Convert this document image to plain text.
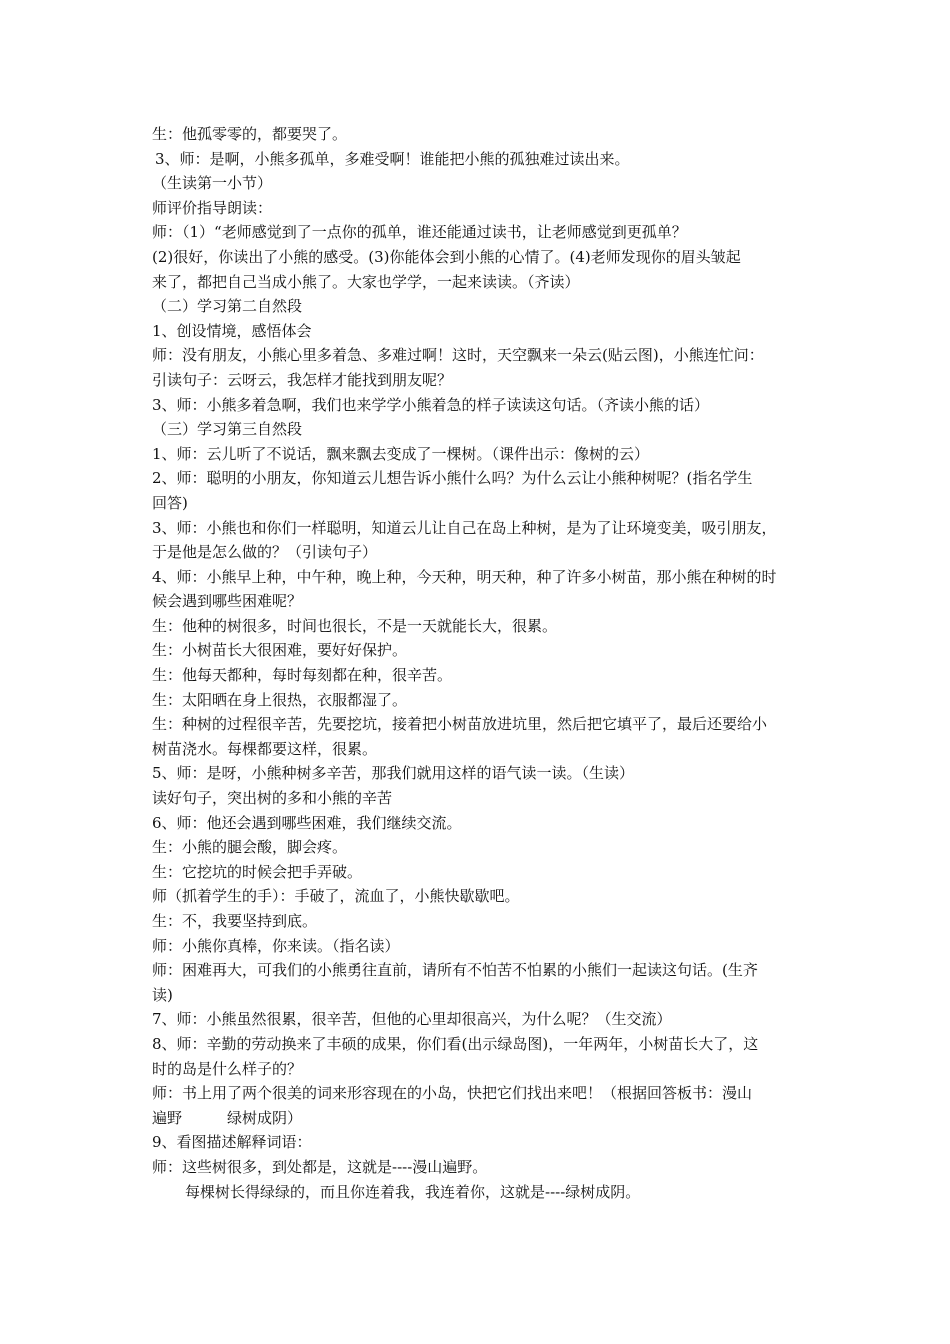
生：他孤零零的，都要哭了。

3、师：是啊，小熊多孤单，多难受啊！谁能把小熊的孤独难过读出来。

（生读第一小节）

师评价指导朗读：

师：（1）“老师感觉到了一点你的孤单，谁还能通过读书，让老师感觉到更孤单？

(2)很好，你读出了小熊的感受。(3)你能体会到小熊的心情了。(4)老师发现你的眉头皱起

来了，都把自己当成小熊了。大家也学学，一起来读读。（齐读）

（二）学习第二自然段

1、创设情境，感悟体会

师：没有朋友，小熊心里多着急、多难过啊！这时，天空飘来一朵云(贴云图)，小熊连忙问：

引读句子：云呀云，我怎样才能找到朋友呢？

3、师：小熊多着急啊，我们也来学学小熊着急的样子读读这句话。（齐读小熊的话）

（三）学习第三自然段

1、师：云儿听了不说话，飘来飘去变成了一棵树。（课件出示：像树的云）

2、师：聪明的小朋友，你知道云儿想告诉小熊什么吗？为什么云让小熊种树呢？(指名学生

回答)

3、师：小熊也和你们一样聪明，知道云儿让自己在岛上种树，是为了让环境变美，吸引朋友，

于是他是怎么做的？（引读句子）

4、师：小熊早上种，中午种，晚上种，今天种，明天种，种了许多小树苗，那小熊在种树的时

候会遇到哪些困难呢？

生：他种的树很多，时间也很长，不是一天就能长大，很累。

生：小树苗长大很困难，要好好保护。

生：他每天都种，每时每刻都在种，很辛苦。

生：太阳晒在身上很热，衣服都湿了。

生：种树的过程很辛苦，先要挖坑，接着把小树苗放进坑里，然后把它填平了，最后还要给小

树苗浇水。每棵都要这样，很累。

5、师：是呀，小熊种树多辛苦，那我们就用这样的语气读一读。（生读）

读好句子，突出树的多和小熊的辛苦

6、师：他还会遇到哪些困难，我们继续交流。

生：小熊的腿会酸，脚会疼。

生：它挖坑的时候会把手弄破。

师（抓着学生的手）：手破了，流血了，小熊快歇歇吧。

生：不，我要坚持到底。

师：小熊你真棒，你来读。（指名读）

师：困难再大，可我们的小熊勇往直前，请所有不怕苦不怕累的小熊们一起读这句话。(生齐

读)

7、师：小熊虽然很累，很辛苦，但他的心里却很高兴，为什么呢？（生交流）

8、师：辛勤的劳动换来了丰硕的成果，你们看(出示绿岛图)，一年两年，小树苗长大了，这

时的岛是什么样子的？

师：书上用了两个很美的词来形容现在的小岛，快把它们找出来吧！（根据回答板书：漫山

遍野　　　绿树成阴）

9、看图描述解释词语：

师：这些树很多，到处都是，这就是----漫山遍野。

每棵树长得绿绿的，而且你连着我，我连着你，这就是----绿树成阴。
